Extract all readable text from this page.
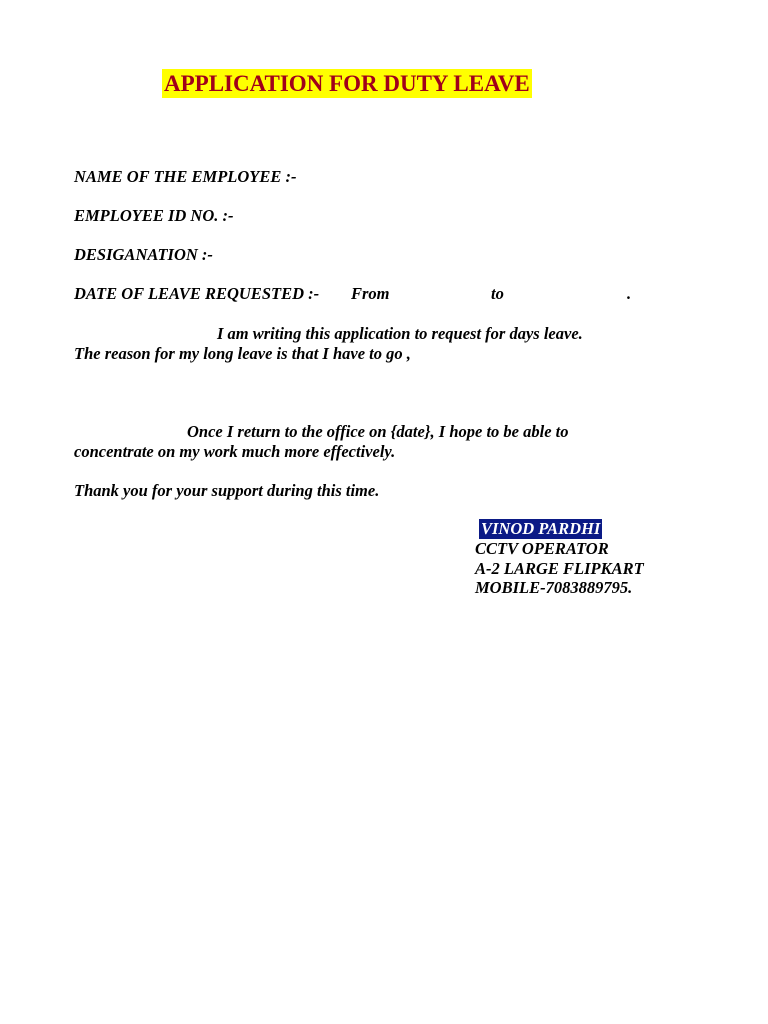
APPLICATION FOR DUTY LEAVE
NAME OF THE EMPLOYEE :-
EMPLOYEE ID NO. :-
DESIGANATION :-
DATE OF LEAVE REQUESTED :- From	to	.
I am writing this application to request for days leave.
The reason for my long leave is that I have to go ,
Once I return to the office on {date}, I hope to be able to
concentrate on my work much more effectively.
Thank you for your support during this time.
VINOD PARDHI
CCTV OPERATOR
A-2 LARGE FLIPKART
MOBILE-7083889795.
